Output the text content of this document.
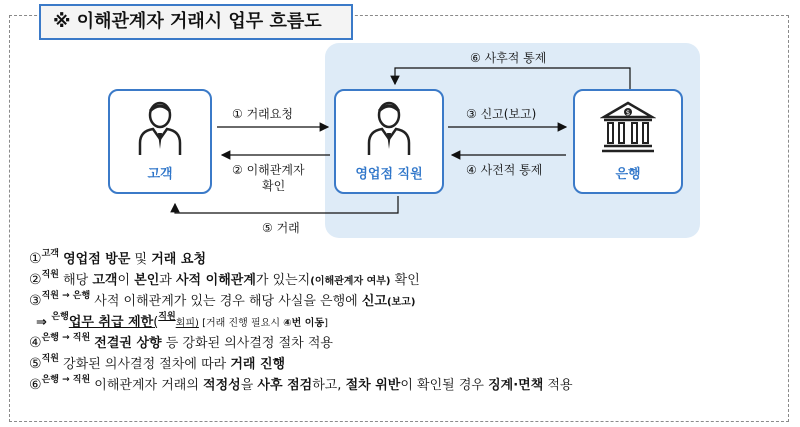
※ 이해관계자 거래시 업무 흐름도
고객	영업점 직원
$
은행
① 거래요청
② 이해관계자
확인
③ 신고(보고)
④ 사전적 통제
⑥ 사후적 통제
⑤ 거래
①$^{고객}$ 영업점 방문 및 거래 요청
②$^{직원}$ 해당 고객이 본인과 사적 이해관계가 있는지(이해관계자 여부) 확인
③$^{직원 \to 은행}$ 사적 이해관계가 있는 경우 해당 사실을 은행에 신고(보고)
⇒ $^{은행}$업무 취급 제한($^{직원}$회피) [거래 진행 필요시 ④번 이동]
④$^{은행 \to 직원}$ 전결권 상향 등 강화된 의사결정 절차 적용
⑤$^{직원}$ 강화된 의사결정 절차에 따라 거래 진행
⑥$^{은행 \to 직원}$ 이해관계자 거래의 적정성을 사후 점검하고, 절차 위반이 확인될 경우 징계·면책 적용
